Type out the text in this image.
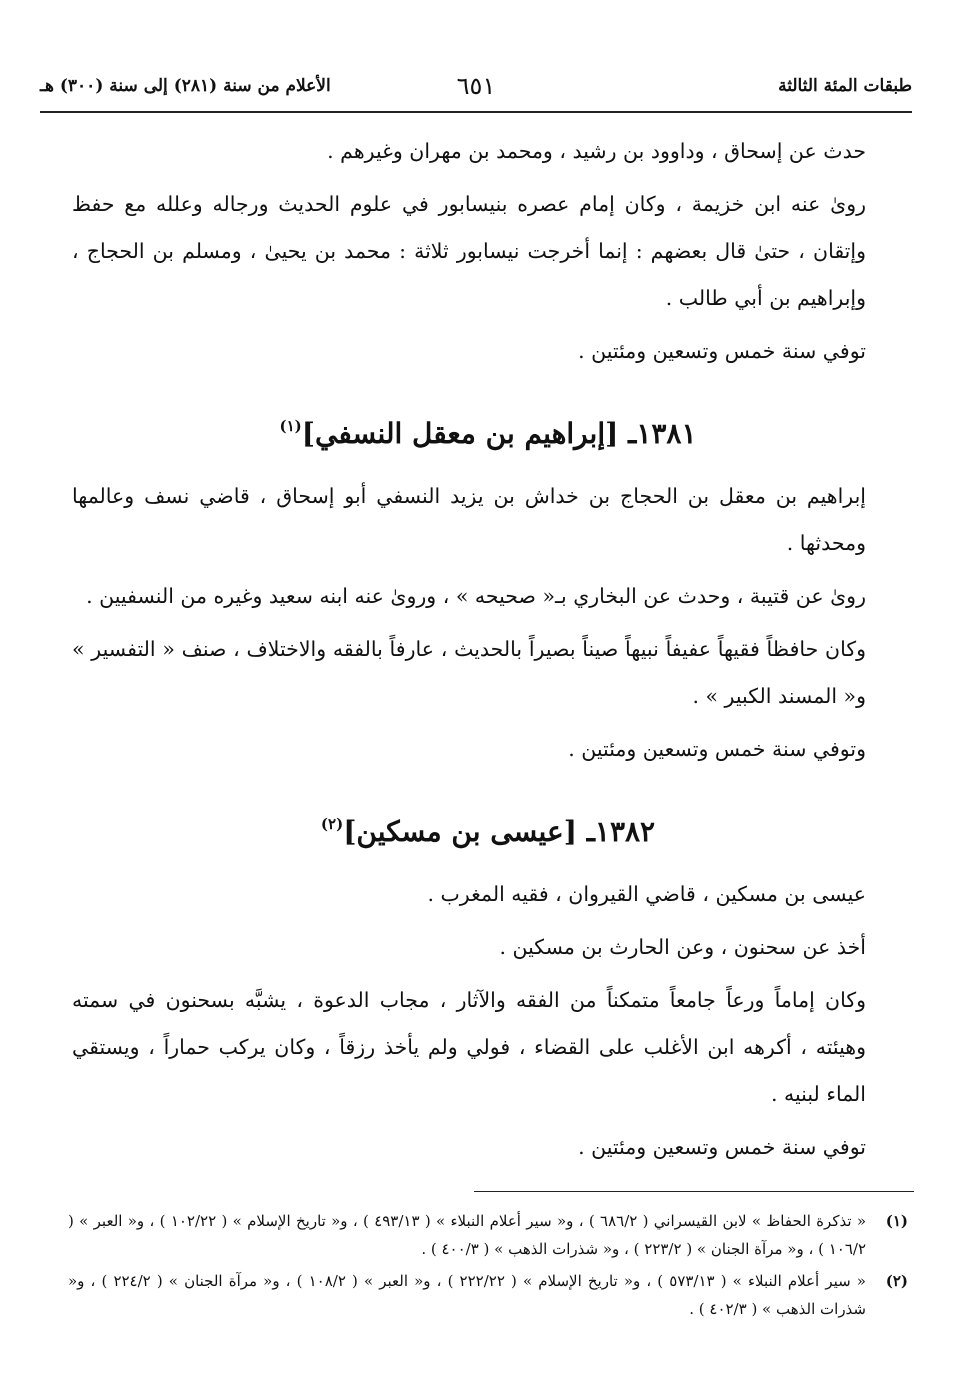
طبقات المئة الثالثة
٦٥١
الأعلام من سنة (٢٨١) إلى سنة (٣٠٠) هـ

حدث عن إسحاق ، وداوود بن رشيد ، ومحمد بن مهران وغيرهم .

روىٰ عنه ابن خزيمة ، وكان إمام عصره بنيسابور في علوم الحديث ورجاله وعلله مع حفظ وإتقان ، حتىٰ قال بعضهم : إنما أخرجت نيسابور ثلاثة : محمد بن يحيىٰ ، ومسلم بن الحجاج ، وإبراهيم بن أبي طالب .

توفي سنة خمس وتسعين ومئتين .

١٣٨١ـ [إبراهيم بن معقل النسفي]$^{(١)}$

إبراهيم بن معقل بن الحجاج بن خداش بن يزيد النسفي أبو إسحاق ، قاضي نسف وعالمها ومحدثها .

روىٰ عن قتيبة ، وحدث عن البخاري بـ« صحيحه » ، وروىٰ عنه ابنه سعيد وغيره من النسفيين .

وكان حافظاً فقيهاً عفيفاً نبيهاً صيناً بصيراً بالحديث ، عارفاً بالفقه والاختلاف ، صنف « التفسير » و« المسند الكبير » .

وتوفي سنة خمس وتسعين ومئتين .

١٣٨٢ـ [عيسى بن مسكين]$^{(٢)}$

عيسى بن مسكين ، قاضي القيروان ، فقيه المغرب .

أخذ عن سحنون ، وعن الحارث بن مسكين .

وكان إماماً ورعاً جامعاً متمكناً من الفقه والآثار ، مجاب الدعوة ، يشبَّه بسحنون في سمته وهيئته ، أكرهه ابن الأغلب على القضاء ، فولي ولم يأخذ رزقاً ، وكان يركب حماراً ، ويستقي الماء لبنيه .

توفي سنة خمس وتسعين ومئتين .

(١)
« تذكرة الحفاظ » لابن القيسراني ( ٦٨٦/٢ ) ، و« سير أعلام النبلاء » ( ٤٩٣/١٣ ) ، و« تاريخ الإسلام » ( ١٠٢/٢٢ ) ، و« العبر » ( ١٠٦/٢ ) ، و« مرآة الجنان » ( ٢٢٣/٢ ) ، و« شذرات الذهب » ( ٤٠٠/٣ ) .
(٢)
« سير أعلام النبلاء » ( ٥٧٣/١٣ ) ، و« تاريخ الإسلام » ( ٢٢٢/٢٢ ) ، و« العبر » ( ١٠٨/٢ ) ، و« مرآة الجنان » ( ٢٢٤/٢ ) ، و« شذرات الذهب » ( ٤٠٢/٣ ) .
